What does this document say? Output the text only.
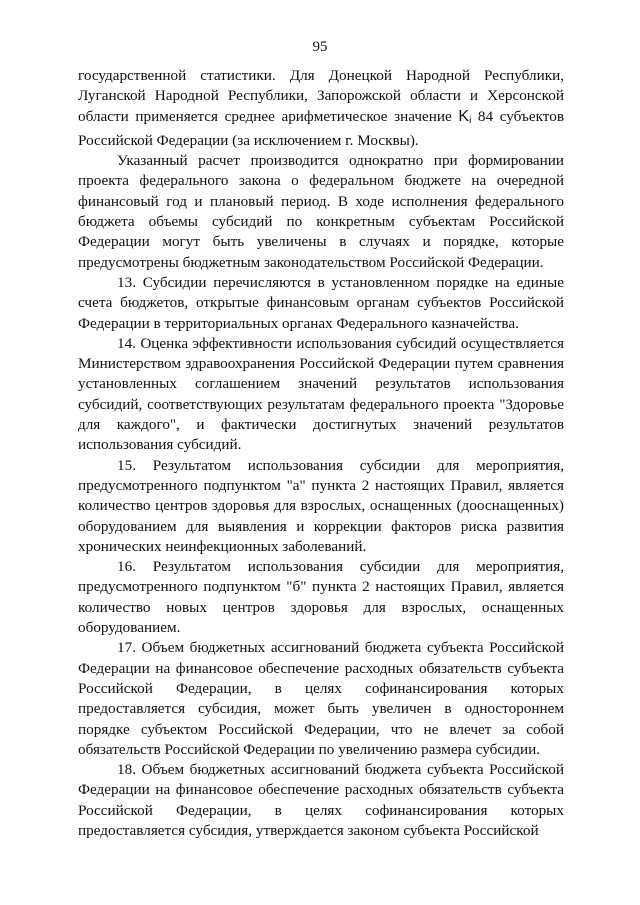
95

государственной статистики. Для Донецкой Народной Республики, Луганской Народной Республики, Запорожской области и Херсонской области применяется среднее арифметическое значение $K_i$ 84 субъектов Российской Федерации (за исключением г. Москвы).

Указанный расчет производится однократно при формировании проекта федерального закона о федеральном бюджете на очередной финансовый год и плановый период. В ходе исполнения федерального бюджета объемы субсидий по конкретным субъектам Российской Федерации могут быть увеличены в случаях и порядке, которые предусмотрены бюджетным законодательством Российской Федерации.

13. Субсидии перечисляются в установленном порядке на единые счета бюджетов, открытые финансовым органам субъектов Российской Федерации в территориальных органах Федерального казначейства.

14. Оценка эффективности использования субсидий осуществляется Министерством здравоохранения Российской Федерации путем сравнения установленных соглашением значений результатов использования субсидий, соответствующих результатам федерального проекта "Здоровье для каждого", и фактически достигнутых значений результатов использования субсидий.

15. Результатом использования субсидии для мероприятия, предусмотренного подпунктом "а" пункта 2 настоящих Правил, является количество центров здоровья для взрослых, оснащенных (дооснащенных) оборудованием для выявления и коррекции факторов риска развития хронических неинфекционных заболеваний.

16. Результатом использования субсидии для мероприятия, предусмотренного подпунктом "б" пункта 2 настоящих Правил, является количество новых центров здоровья для взрослых, оснащенных оборудованием.

17. Объем бюджетных ассигнований бюджета субъекта Российской Федерации на финансовое обеспечение расходных обязательств субъекта Российской Федерации, в целях софинансирования которых предоставляется субсидия, может быть увеличен в одностороннем порядке субъектом Российской Федерации, что не влечет за собой обязательств Российской Федерации по увеличению размера субсидии.

18. Объем бюджетных ассигнований бюджета субъекта Российской Федерации на финансовое обеспечение расходных обязательств субъекта Российской Федерации, в целях софинансирования которых предоставляется субсидия, утверждается законом субъекта Российской
